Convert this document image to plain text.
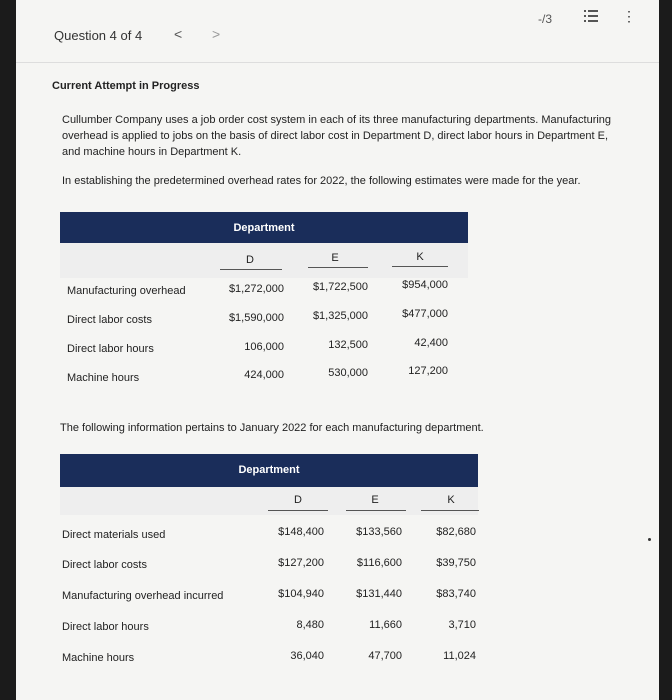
Question 4 of 4 < >
-/3	⋮
Current Attempt in Progress
Cullumber Company uses a job order cost system in each of its three manufacturing departments. Manufacturing overhead is applied to jobs on the basis of direct labor cost in Department D, direct labor hours in Department E, and machine hours in Department K.
In establishing the predetermined overhead rates for 2022, the following estimates were made for the year.
Department
D	E	K
Manufacturing overhead	$1,272,000	$1,722,500	$954,000
Direct labor costs	$1,590,000	$1,325,000	$477,000
Direct labor hours	106,000	132,500	42,400
Machine hours	424,000	530,000	127,200
The following information pertains to January 2022 for each manufacturing department.
Department
D	E	K
Direct materials used	$148,400	$133,560	$82,680
Direct labor costs	$127,200	$116,600	$39,750
Manufacturing overhead incurred	$104,940	$131,440	$83,740
Direct labor hours	8,480	11,660	3,710
Machine hours	36,040	47,700	11,024
